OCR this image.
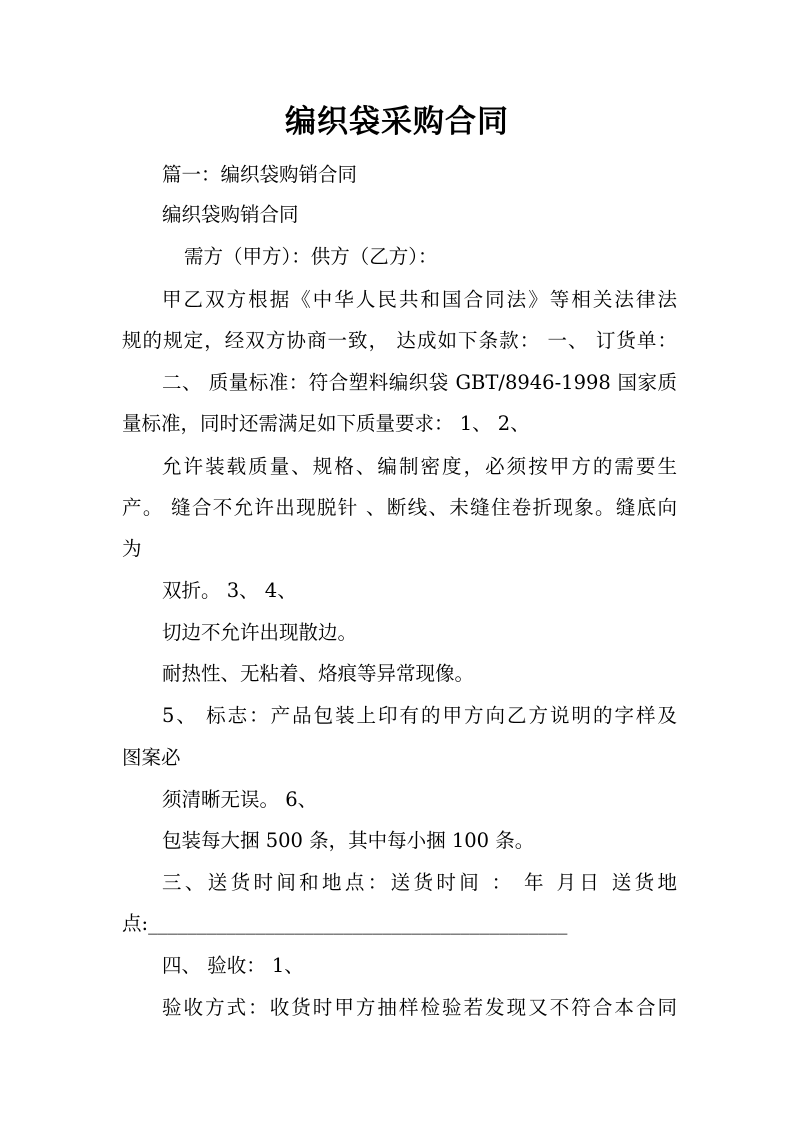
编织袋采购合同
篇一：编织袋购销合同
编织袋购销合同
需方（甲方）：供方（乙方）：
甲乙双方根据《中华人民共和国合同法》等相关法律法
规的规定，经双方协商一致， 达成如下条款： 一、 订货单：
二、 质量标准：符合塑料编织袋 GBT/8946-1998 国家质
量标准，同时还需满足如下质量要求： 1、 2、
允许装载质量、规格、编制密度，必须按甲方的需要生
产。 缝合不允许出现脱针 、断线、未缝住卷折现象。缝底向
为
双折。 3、 4、
切边不允许出现散边。
耐热性、无粘着、烙痕等异常现像。
5、 标志：产品包装上印有的甲方向乙方说明的字样及
图案必
须清晰无误。 6、
包装每大捆 500 条，其中每小捆 100 条。
三、送货时间和地点：送货时间 ： 年 月日 送货地
点:___________________________________________
四、 验收： 1、
验收方式：收货时甲方抽样检验若发现又不符合本合同
